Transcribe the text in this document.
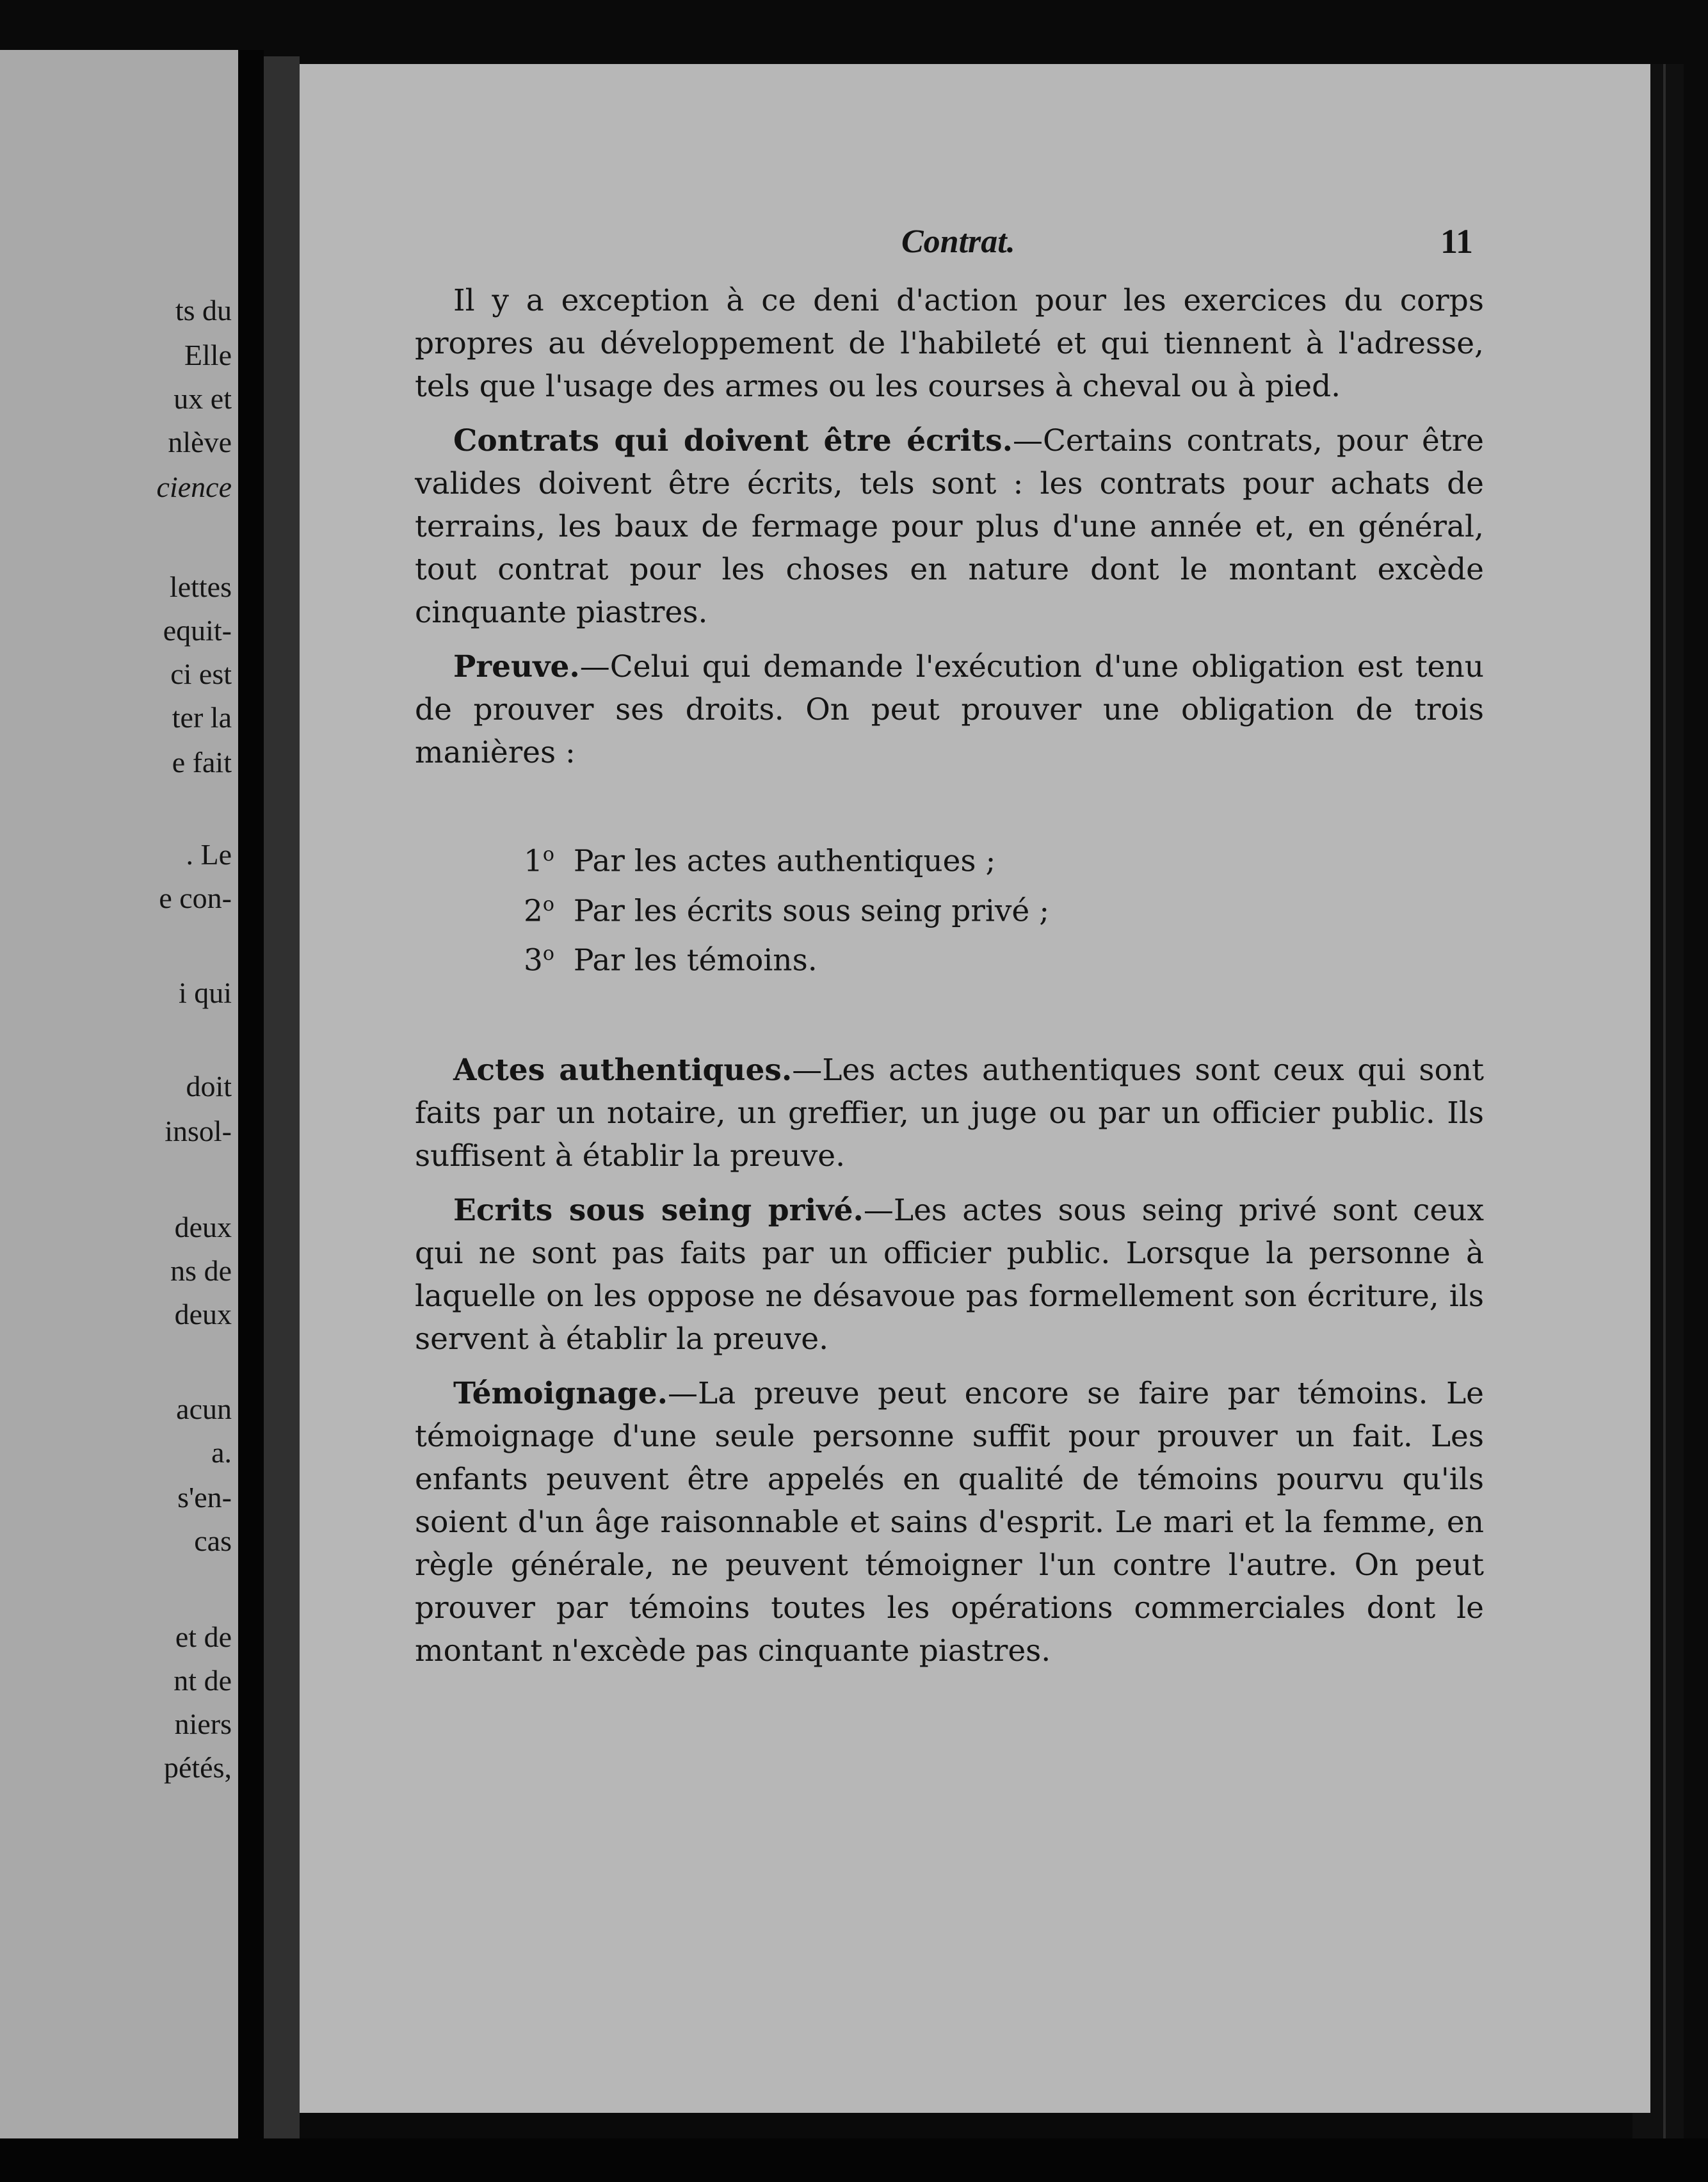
ts du

Elle

ux et

nlève

cience

lettes

equit-

ci est

ter la

e fait

. Le

e con-

i qui

doit

insol-

deux

ns de

deux

acun

a.

s'en-

cas

et de

nt de

niers

pétés,

Contrat.	11

Il y a exception à ce deni d'action pour les exercices du corps propres au développement de l'habileté et qui tiennent à l'adresse, tels que l'usage des armes ou les courses à cheval ou à pied.

Contrats qui doivent être écrits.—Certains contrats, pour être valides doivent être écrits, tels sont : les contrats pour achats de terrains, les baux de fermage pour plus d'une année et, en général, tout contrat pour les choses en nature dont le montant excède cinquante piastres.

Preuve.—Celui qui demande l'exécution d'une obligation est tenu de prouver ses droits. On peut prouver une obligation de trois manières :

1$^o$ Par les actes authentiques ;
2$^o$ Par les écrits sous seing privé ;
3$^o$ Par les témoins.

Actes authentiques.—Les actes authentiques sont ceux qui sont faits par un notaire, un greffier, un juge ou par un officier public. Ils suffisent à établir la preuve.

Ecrits sous seing privé.—Les actes sous seing privé sont ceux qui ne sont pas faits par un officier public. Lorsque la personne à laquelle on les oppose ne désavoue pas formellement son écriture, ils servent à établir la preuve.

Témoignage.—La preuve peut encore se faire par témoins. Le témoignage d'une seule personne suffit pour prouver un fait. Les enfants peuvent être appelés en qualité de témoins pourvu qu'ils soient d'un âge raisonnable et sains d'esprit. Le mari et la femme, en règle générale, ne peuvent témoigner l'un contre l'autre. On peut prouver par témoins toutes les opérations commerciales dont le montant n'excède pas cinquante piastres.
